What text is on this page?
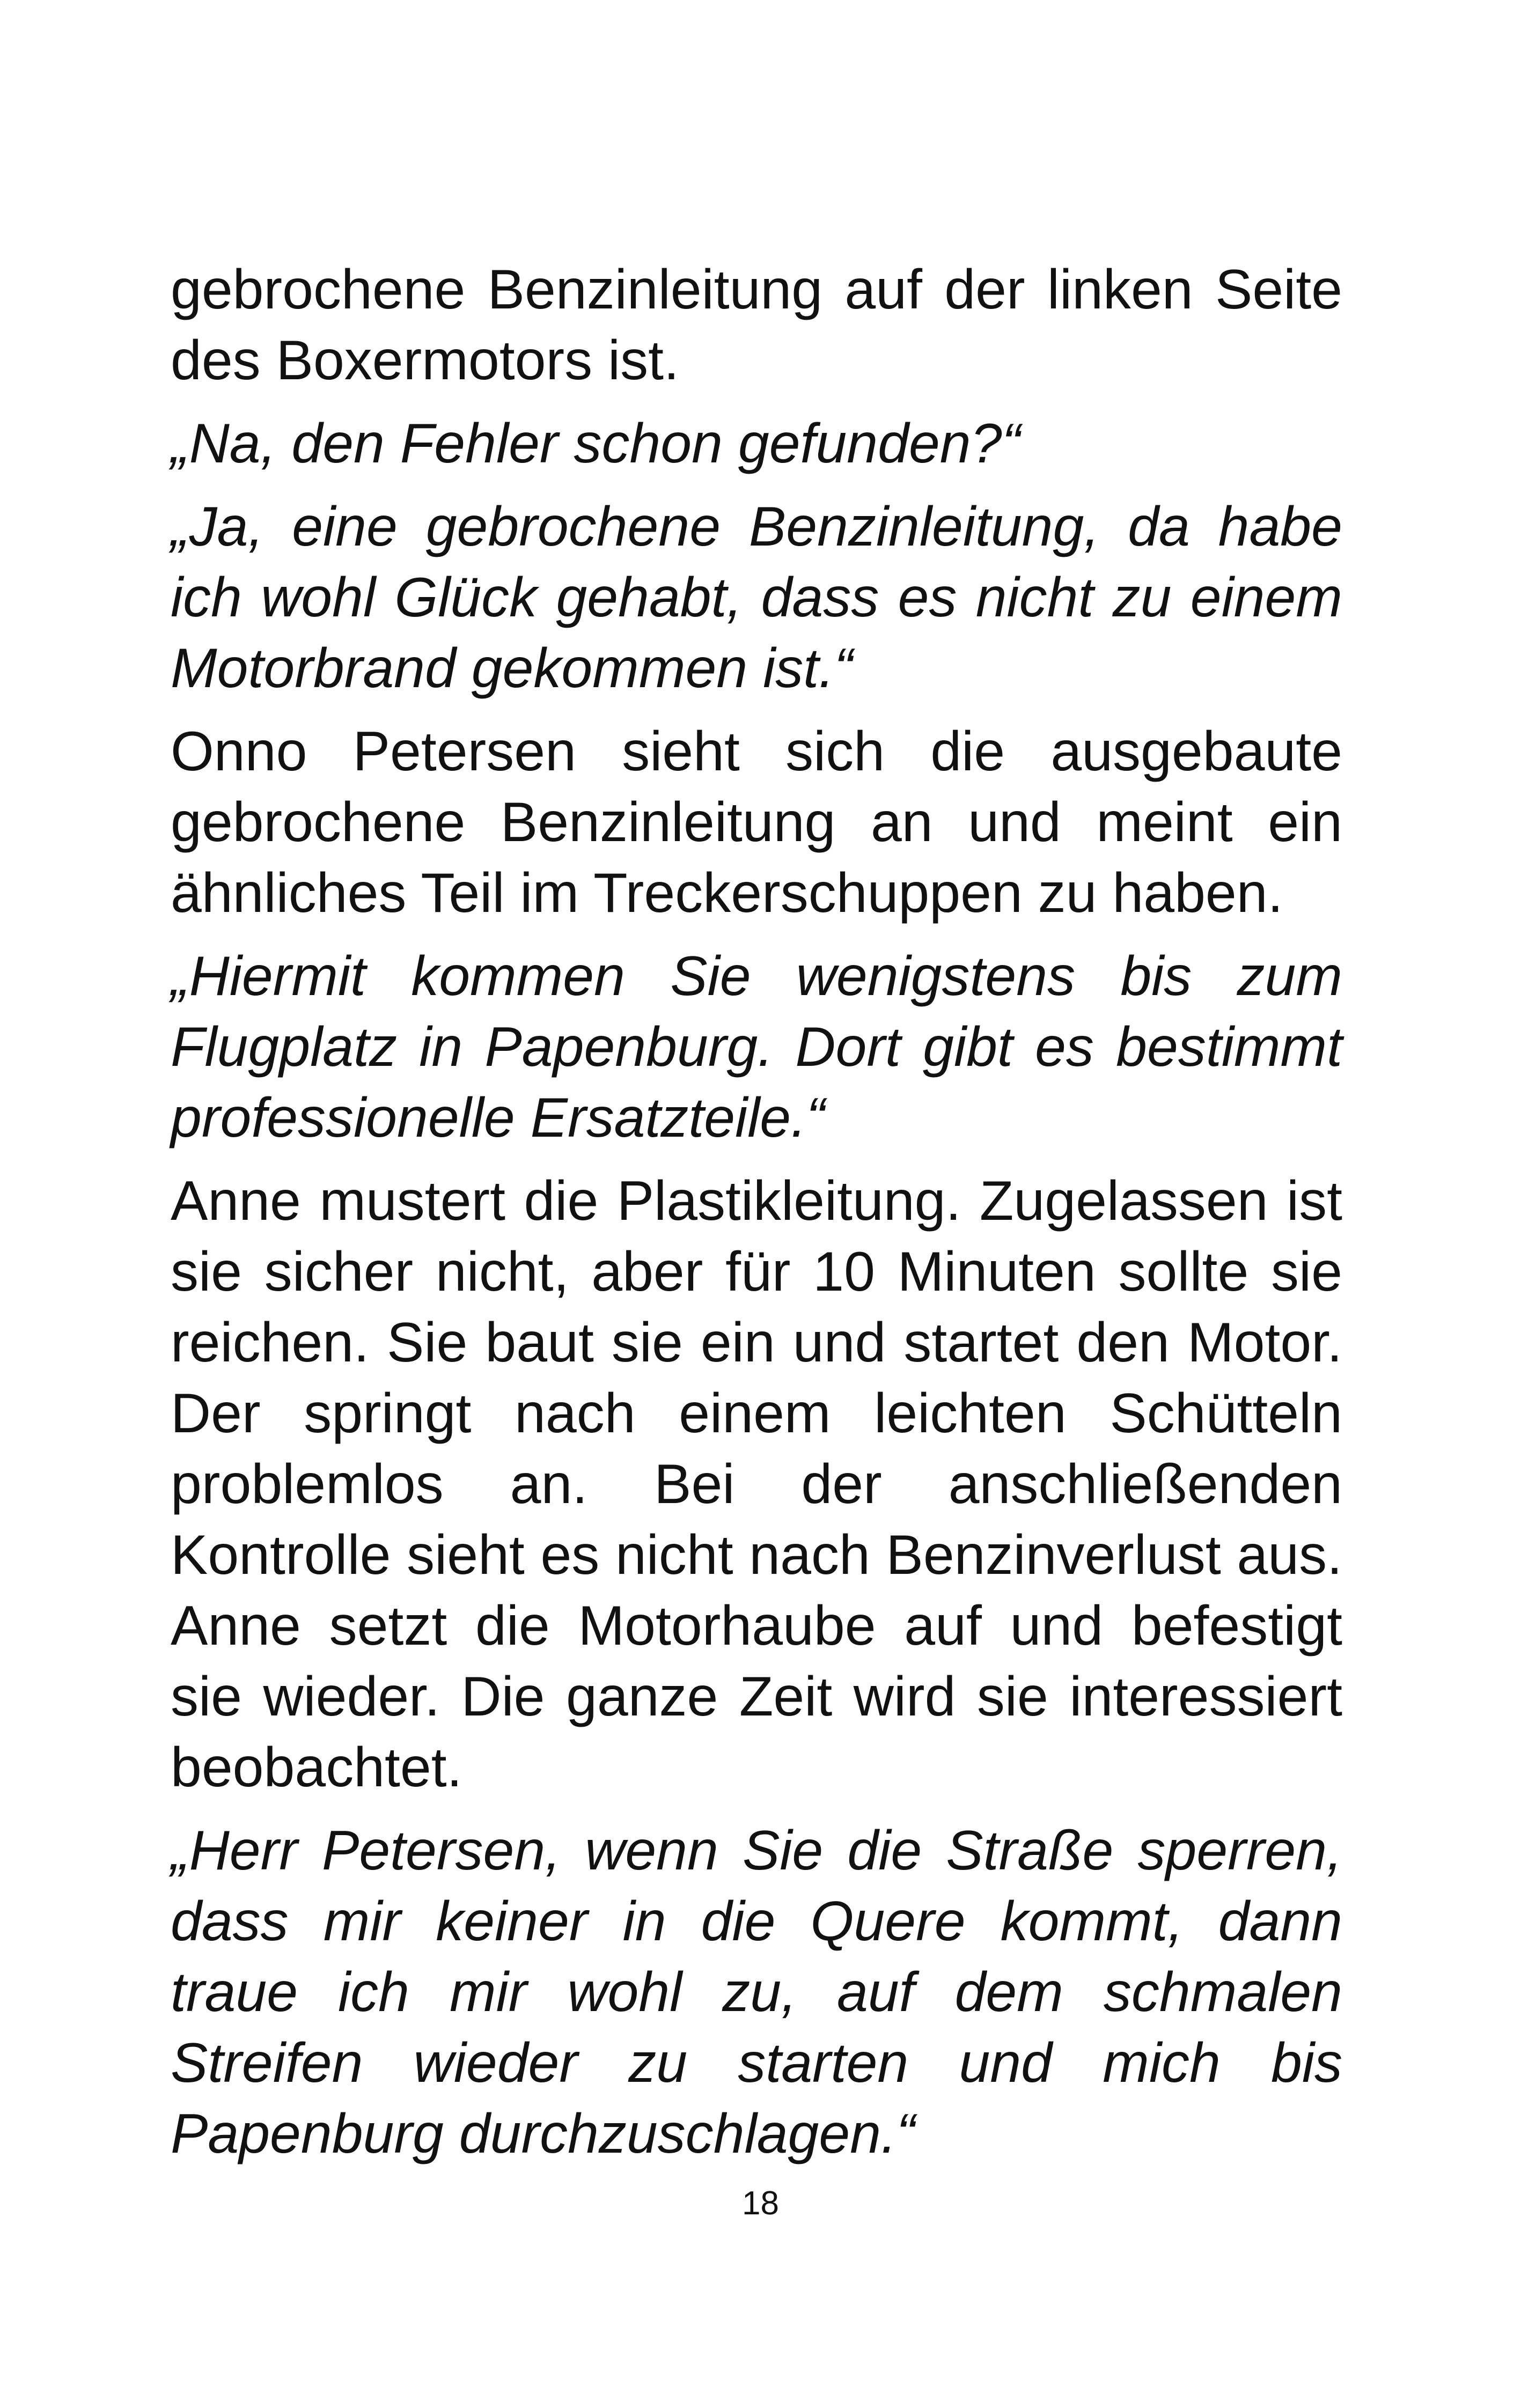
gebrochene Benzinleitung auf der linken Seite des Boxermotors ist.

„Na, den Fehler schon gefunden?“

„Ja, eine gebrochene Benzinleitung, da habe ich wohl Glück gehabt, dass es nicht zu einem Motorbrand gekommen ist.“

Onno Petersen sieht sich die ausgebaute gebrochene Benzinleitung an und meint ein ähnliches Teil im Treckerschuppen zu haben.

„Hiermit kommen Sie wenigstens bis zum Flugplatz in Papenburg. Dort gibt es bestimmt professionelle Ersatzteile.“

Anne mustert die Plastikleitung. Zugelassen ist sie sicher nicht, aber für 10 Minuten sollte sie reichen. Sie baut sie ein und startet den Motor. Der springt nach einem leichten Schütteln problemlos an. Bei der anschließenden Kontrolle sieht es nicht nach Benzinverlust aus. Anne setzt die Motorhaube auf und befestigt sie wieder. Die ganze Zeit wird sie interessiert beobachtet.

„Herr Petersen, wenn Sie die Straße sperren, dass mir keiner in die Quere kommt, dann traue ich mir wohl zu, auf dem schmalen Streifen wieder zu starten und mich bis Papenburg durchzuschlagen.“

18
